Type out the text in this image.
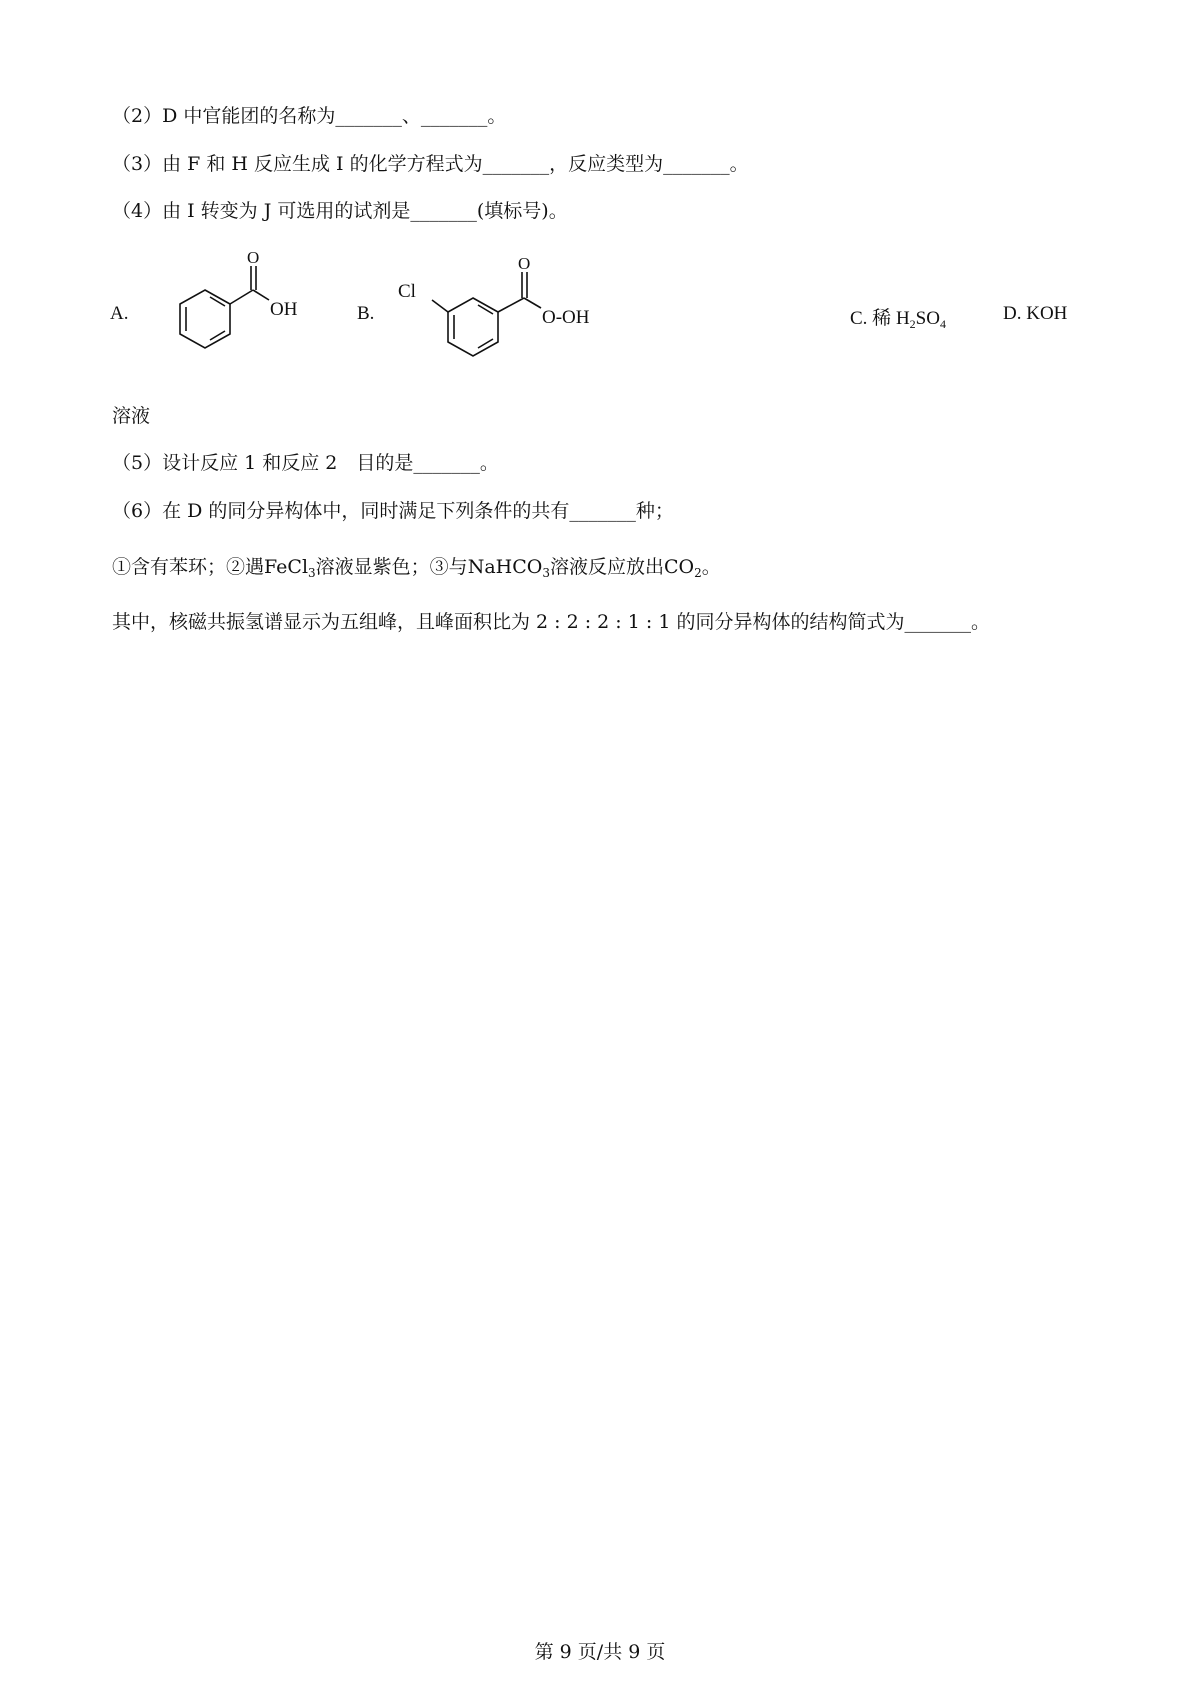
（2）D 中官能团的名称为_______、_______。
（3）由 F 和 H 反应生成 I 的化学方程式为_______，反应类型为_______。
（4）由 I 转变为 J 可选用的试剂是_______(填标号)。
A.
O
OH	B.
Cl
O
O-OH	C. 稀 $H_2SO_4$	D. KOH
溶液
（5）设计反应 1 和反应 2　目的是_______。
（6）在 D 的同分异构体中，同时满足下列条件的共有_______种；
①含有苯环；②遇FeCl$_3$溶液显紫色；③与NaHCO$_3$溶液反应放出$CO_2$。
其中，核磁共振氢谱显示为五组峰，且峰面积比为 2 : 2 : 2 : 1 : 1 的同分异构体的结构简式为_______。
第 9 页/共 9 页
